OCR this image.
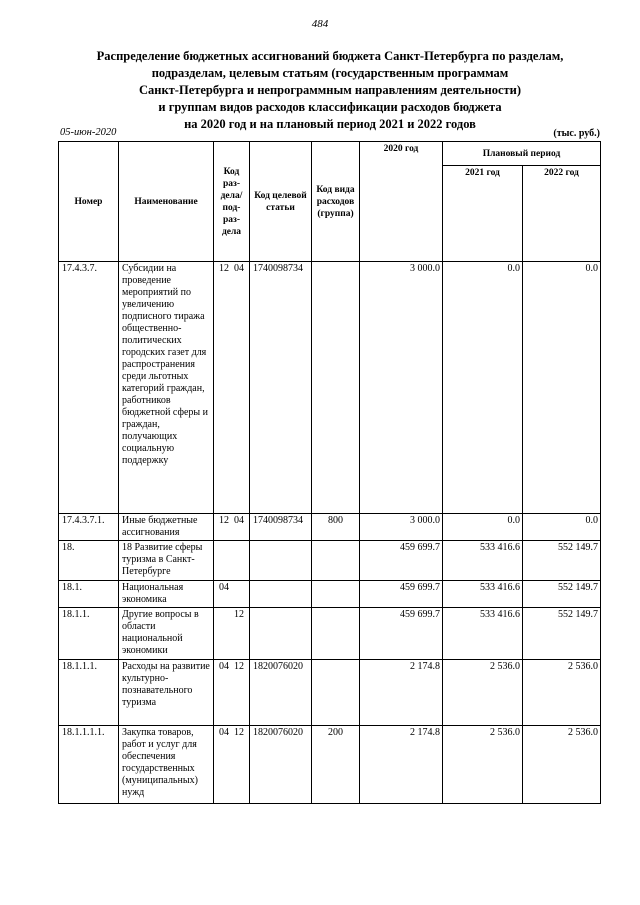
484
Распределение бюджетных ассигнований бюджета Санкт-Петербурга по разделам,
подразделам, целевым статьям (государственным программам
Санкт-Петербурга и непрограммным направлениям деятельности)
и группам видов расходов классификации расходов бюджета
на 2020 год и на плановый период 2021 и 2022 годов
05-июн-2020	(тыс. руб.)
Номер	Наименование	Код раз-дела/ под-раз-дела	Код целевой статьи	Код вида расходов (группа)	2020 год	Плановый период	
						2021 год	2022 год
17.4.3.7.	Субсидии на проведение мероприятий по увеличению подписного тиража общественно-политических городских газет для распространения среди льготных категорий граждан, работников бюджетной сферы и граждан, получающих социальную поддержку	12 04	1740098734		3 000.0	0.0	0.0
17.4.3.7.1.	Иные бюджетные ассигнования	12 04	1740098734	800	3 000.0	0.0	0.0
18.	18 Развитие сферы туризма в Санкт-Петербурге				459 699.7	533 416.6	552 149.7
18.1.	Национальная экономика	04			459 699.7	533 416.6	552 149.7
18.1.1.	Другие вопросы в области национальной экономики	12			459 699.7	533 416.6	552 149.7
18.1.1.1.	Расходы на развитие культурно-познавательного туризма	04 12	1820076020		2 174.8	2 536.0	2 536.0
18.1.1.1.1.	Закупка товаров, работ и услуг для обеспечения государственных (муниципальных) нужд	04 12	1820076020	200	2 174.8	2 536.0	2 536.0
